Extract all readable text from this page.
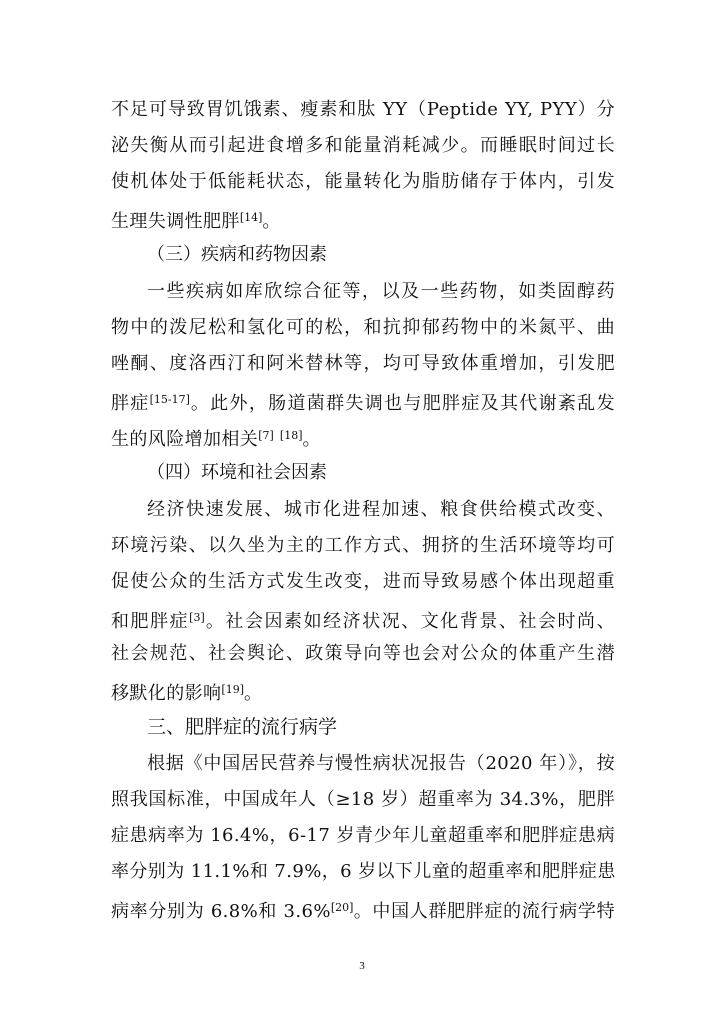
不足可导致胃饥饿素、瘦素和肽 YY（Peptide YY, PYY）分
泌失衡从而引起进食增多和能量消耗减少。而睡眠时间过长
使机体处于低能耗状态，能量转化为脂肪储存于体内，引发
生理失调性肥胖[14]。
（三）疾病和药物因素
一些疾病如库欣综合征等，以及一些药物，如类固醇药
物中的泼尼松和氢化可的松，和抗抑郁药物中的米氮平、曲
唑酮、度洛西汀和阿米替林等，均可导致体重增加，引发肥
胖症[15-17]。此外，肠道菌群失调也与肥胖症及其代谢紊乱发
生的风险增加相关[7] [18]。
（四）环境和社会因素
经济快速发展、城市化进程加速、粮食供给模式改变、
环境污染、以久坐为主的工作方式、拥挤的生活环境等均可
促使公众的生活方式发生改变，进而导致易感个体出现超重
和肥胖症[3]。社会因素如经济状况、文化背景、社会时尚、
社会规范、社会舆论、政策导向等也会对公众的体重产生潜
移默化的影响[19]。
三、肥胖症的流行病学
根据《中国居民营养与慢性病状况报告（2020 年）》，按
照我国标准，中国成年人（≥18 岁）超重率为 34.3%，肥胖
症患病率为 16.4%，6-17 岁青少年儿童超重率和肥胖症患病
率分别为 11.1%和 7.9%，6 岁以下儿童的超重率和肥胖症患
病率分别为 6.8%和 3.6%[20]。中国人群肥胖症的流行病学特
3
